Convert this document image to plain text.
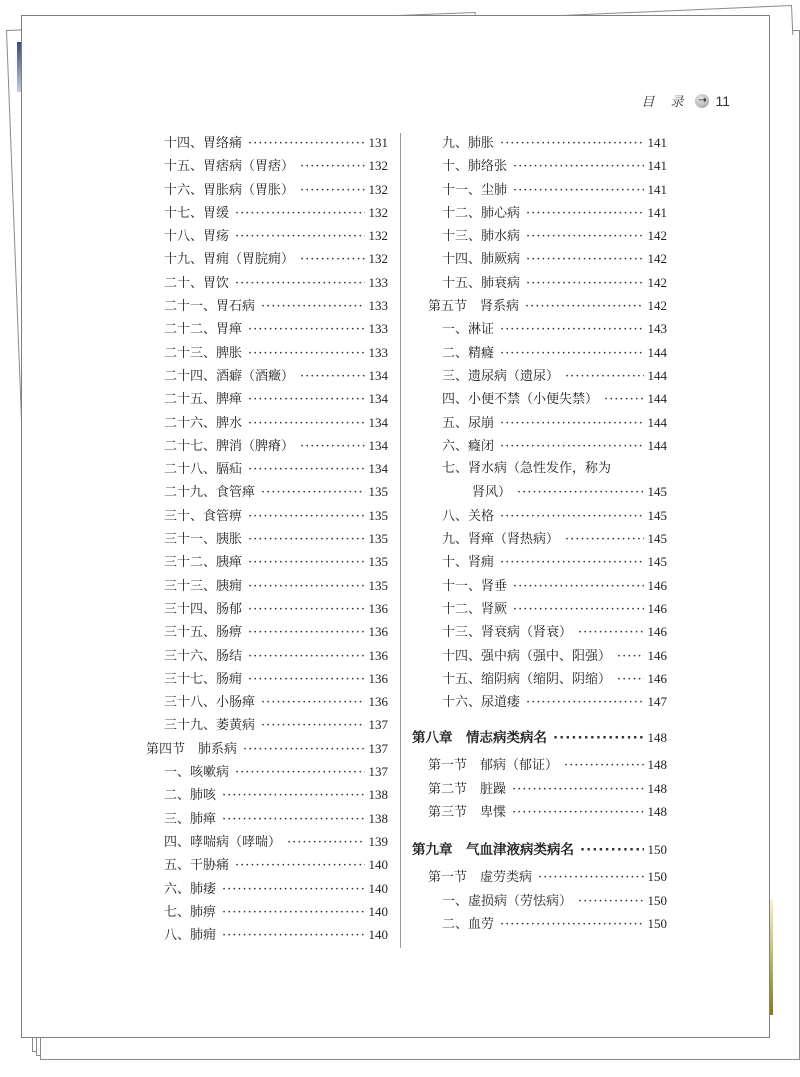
目 录 → 11
十四、胃络痛 ·····	131
十五、胃痞病（胃痞） ·····	132
十六、胃胀病（胃胀） ·····	132
十七、胃缓 ·····	132
十八、胃疡 ·····	132
十九、胃痈（胃脘痈） ·····	132
二十、胃饮 ·····	133
二十一、胃石病 ·····	133
二十二、胃瘅 ·····	133
二十三、脾胀 ·····	133
二十四、酒癖（酒癥） ·····	134
二十五、脾瘅 ·····	134
二十六、脾水 ·····	134
二十七、脾消（脾瘠） ·····	134
二十八、膈疝 ·····	134
二十九、食管瘅 ·····	135
三十、食管痹 ·····	135
三十一、胰胀 ·····	135
三十二、胰瘅 ·····	135
三十三、胰痈 ·····	135
三十四、肠郁 ·····	136
三十五、肠痹 ·····	136
三十六、肠结 ·····	136
三十七、肠痈 ·····	136
三十八、小肠瘅 ·····	136
三十九、萎黄病 ·····	137
第四节　肺系病 ·····	137
一、咳嗽病 ·····	137
二、肺咳 ·····	138
三、肺瘅 ·····	138
四、哮喘病（哮喘） ·····	139
五、干胁痛 ·····	140
六、肺痿 ·····	140
七、肺痹 ·····	140
八、肺痈 ·····	140
九、肺胀 ·····	141
十、肺络张 ·····	141
十一、尘肺 ·····	141
十二、肺心病 ·····	141
十三、肺水病 ·····	142
十四、肺厥病 ·····	142
十五、肺衰病 ·····	142
第五节　肾系病 ·····	142
一、淋证 ·····	143
二、精癃 ·····	144
三、遗尿病（遗尿） ·····	144
四、小便不禁（小便失禁） ·····	144
五、尿崩 ·····	144
六、癃闭 ·····	144
七、肾水病（急性发作，称为
肾风） ·····	145
八、关格 ·····	145
九、肾瘅（肾热病） ·····	145
十、肾痈 ·····	145
十一、肾垂 ·····	146
十二、肾厥 ·····	146
十三、肾衰病（肾衰） ·····	146
十四、强中病（强中、阳强） ·····	146
十五、缩阴病（缩阴、阴缩） ·····	146
十六、尿道瘘 ·····	147
第八章　情志病类病名 ·····	148
第一节　郁病（郁证） ·····	148
第二节　脏躁 ·····	148
第三节　卑惵 ·····	148
第九章　气血津液病类病名 ·····	150
第一节　虚劳类病 ·····	150
一、虚损病（劳怯病） ·····	150
二、血劳 ·····	150
